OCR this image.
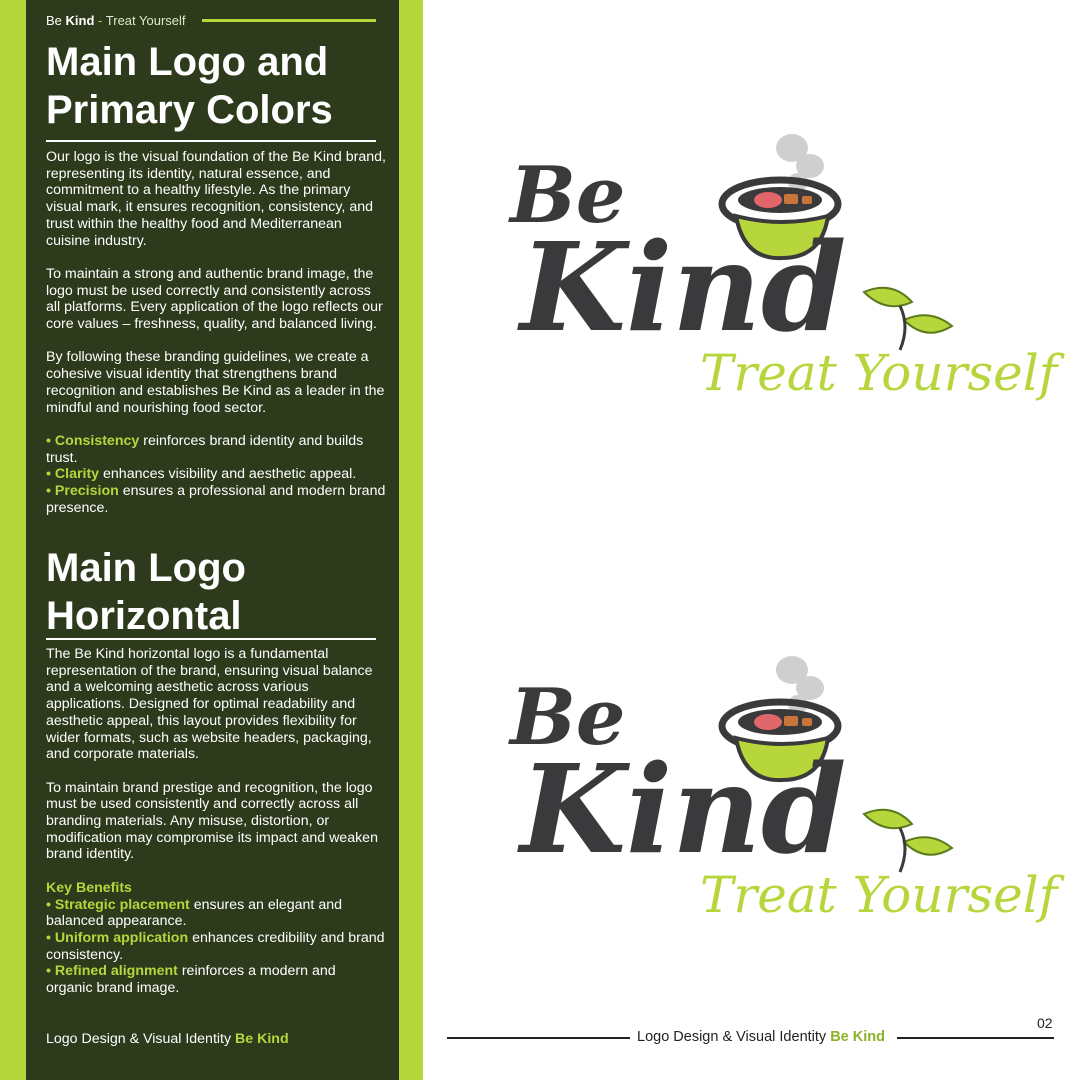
Be Kind - Treat Yourself
Main Logo and
Primary Colors

Our logo is the visual foundation of the Be Kind brand, representing its identity, natural essence, and commitment to a healthy lifestyle. As the primary visual mark, it ensures recognition, consistency, and trust within the healthy food and Mediterranean cuisine industry.

To maintain a strong and authentic brand image, the logo must be used correctly and consistently across all platforms. Every application of the logo reflects our core values – freshness, quality, and balanced living.

By following these branding guidelines, we create a cohesive visual identity that strengthens brand recognition and establishes Be Kind as a leader in the mindful and nourishing food sector.

• Consistency reinforces brand identity and builds trust.

• Clarity enhances visibility and aesthetic appeal.

• Precision ensures a professional and modern brand presence.

Main Logo
Horizontal

The Be Kind horizontal logo is a fundamental representation of the brand, ensuring visual balance and a welcoming aesthetic across various applications. Designed for optimal readability and aesthetic appeal, this layout provides flexibility for wider formats, such as website headers, packaging, and corporate materials.

To maintain brand prestige and recognition, the logo must be used consistently and correctly across all branding materials. Any misuse, distortion, or modification may compromise its impact and weaken brand identity.

Key Benefits

• Strategic placement ensures an elegant and balanced appearance.

• Uniform application enhances credibility and brand consistency.

• Refined alignment reinforces a modern and organic brand image.

Logo Design & Visual Identity Be Kind

Be
Kind
Treat Yourself
Be
Kind
Treat Yourself
Logo Design & Visual Identity Be Kind
02
